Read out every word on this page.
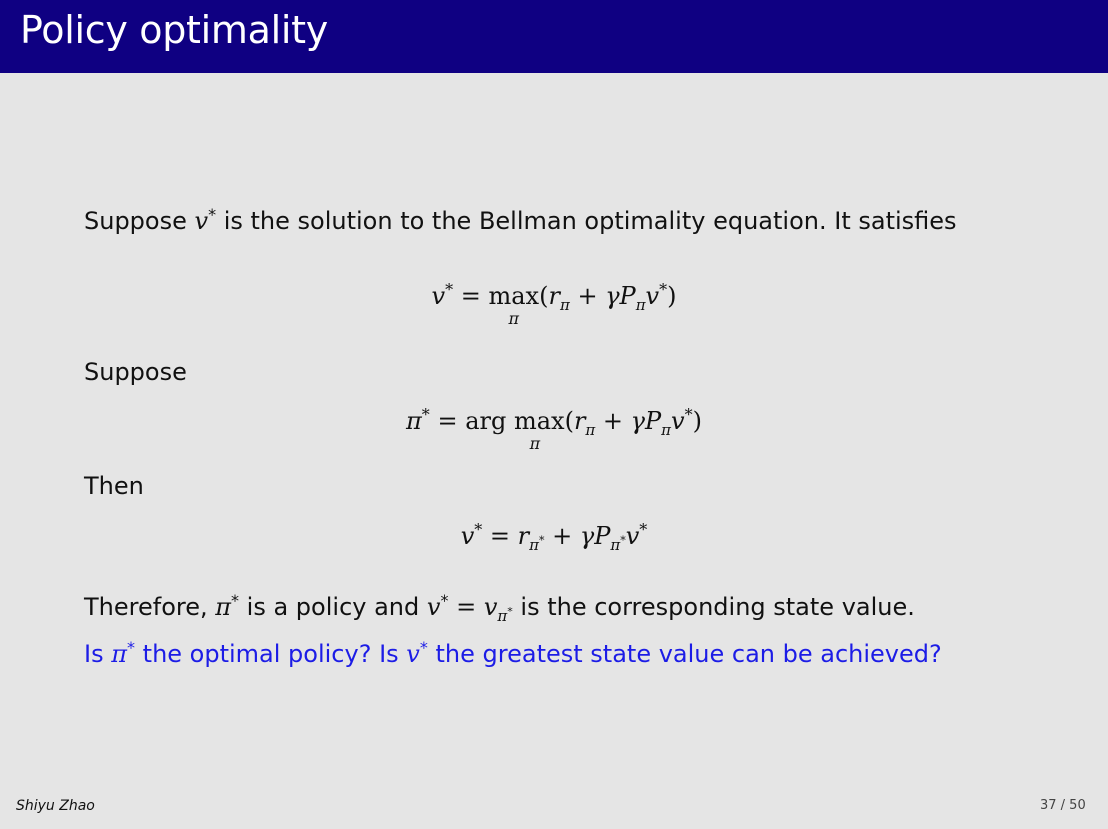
Policy optimality
Suppose v* is the solution to the Bellman optimality equation. It satisfies
v* = max
π
$(r_\pi + \gamma P_\pi v^*)$
Suppose
π* = arg max
π
$(r_\pi + \gamma P_\pi v^*)$
Then
$v^* = r_\pi* + \gamma P_\pi*v^*$
Therefore, π* is a policy and $v^* = v_\pi*$ is the corresponding state value.
Is π* the optimal policy? Is v* the greatest state value can be achieved?
Shiyu Zhao	37 / 50
